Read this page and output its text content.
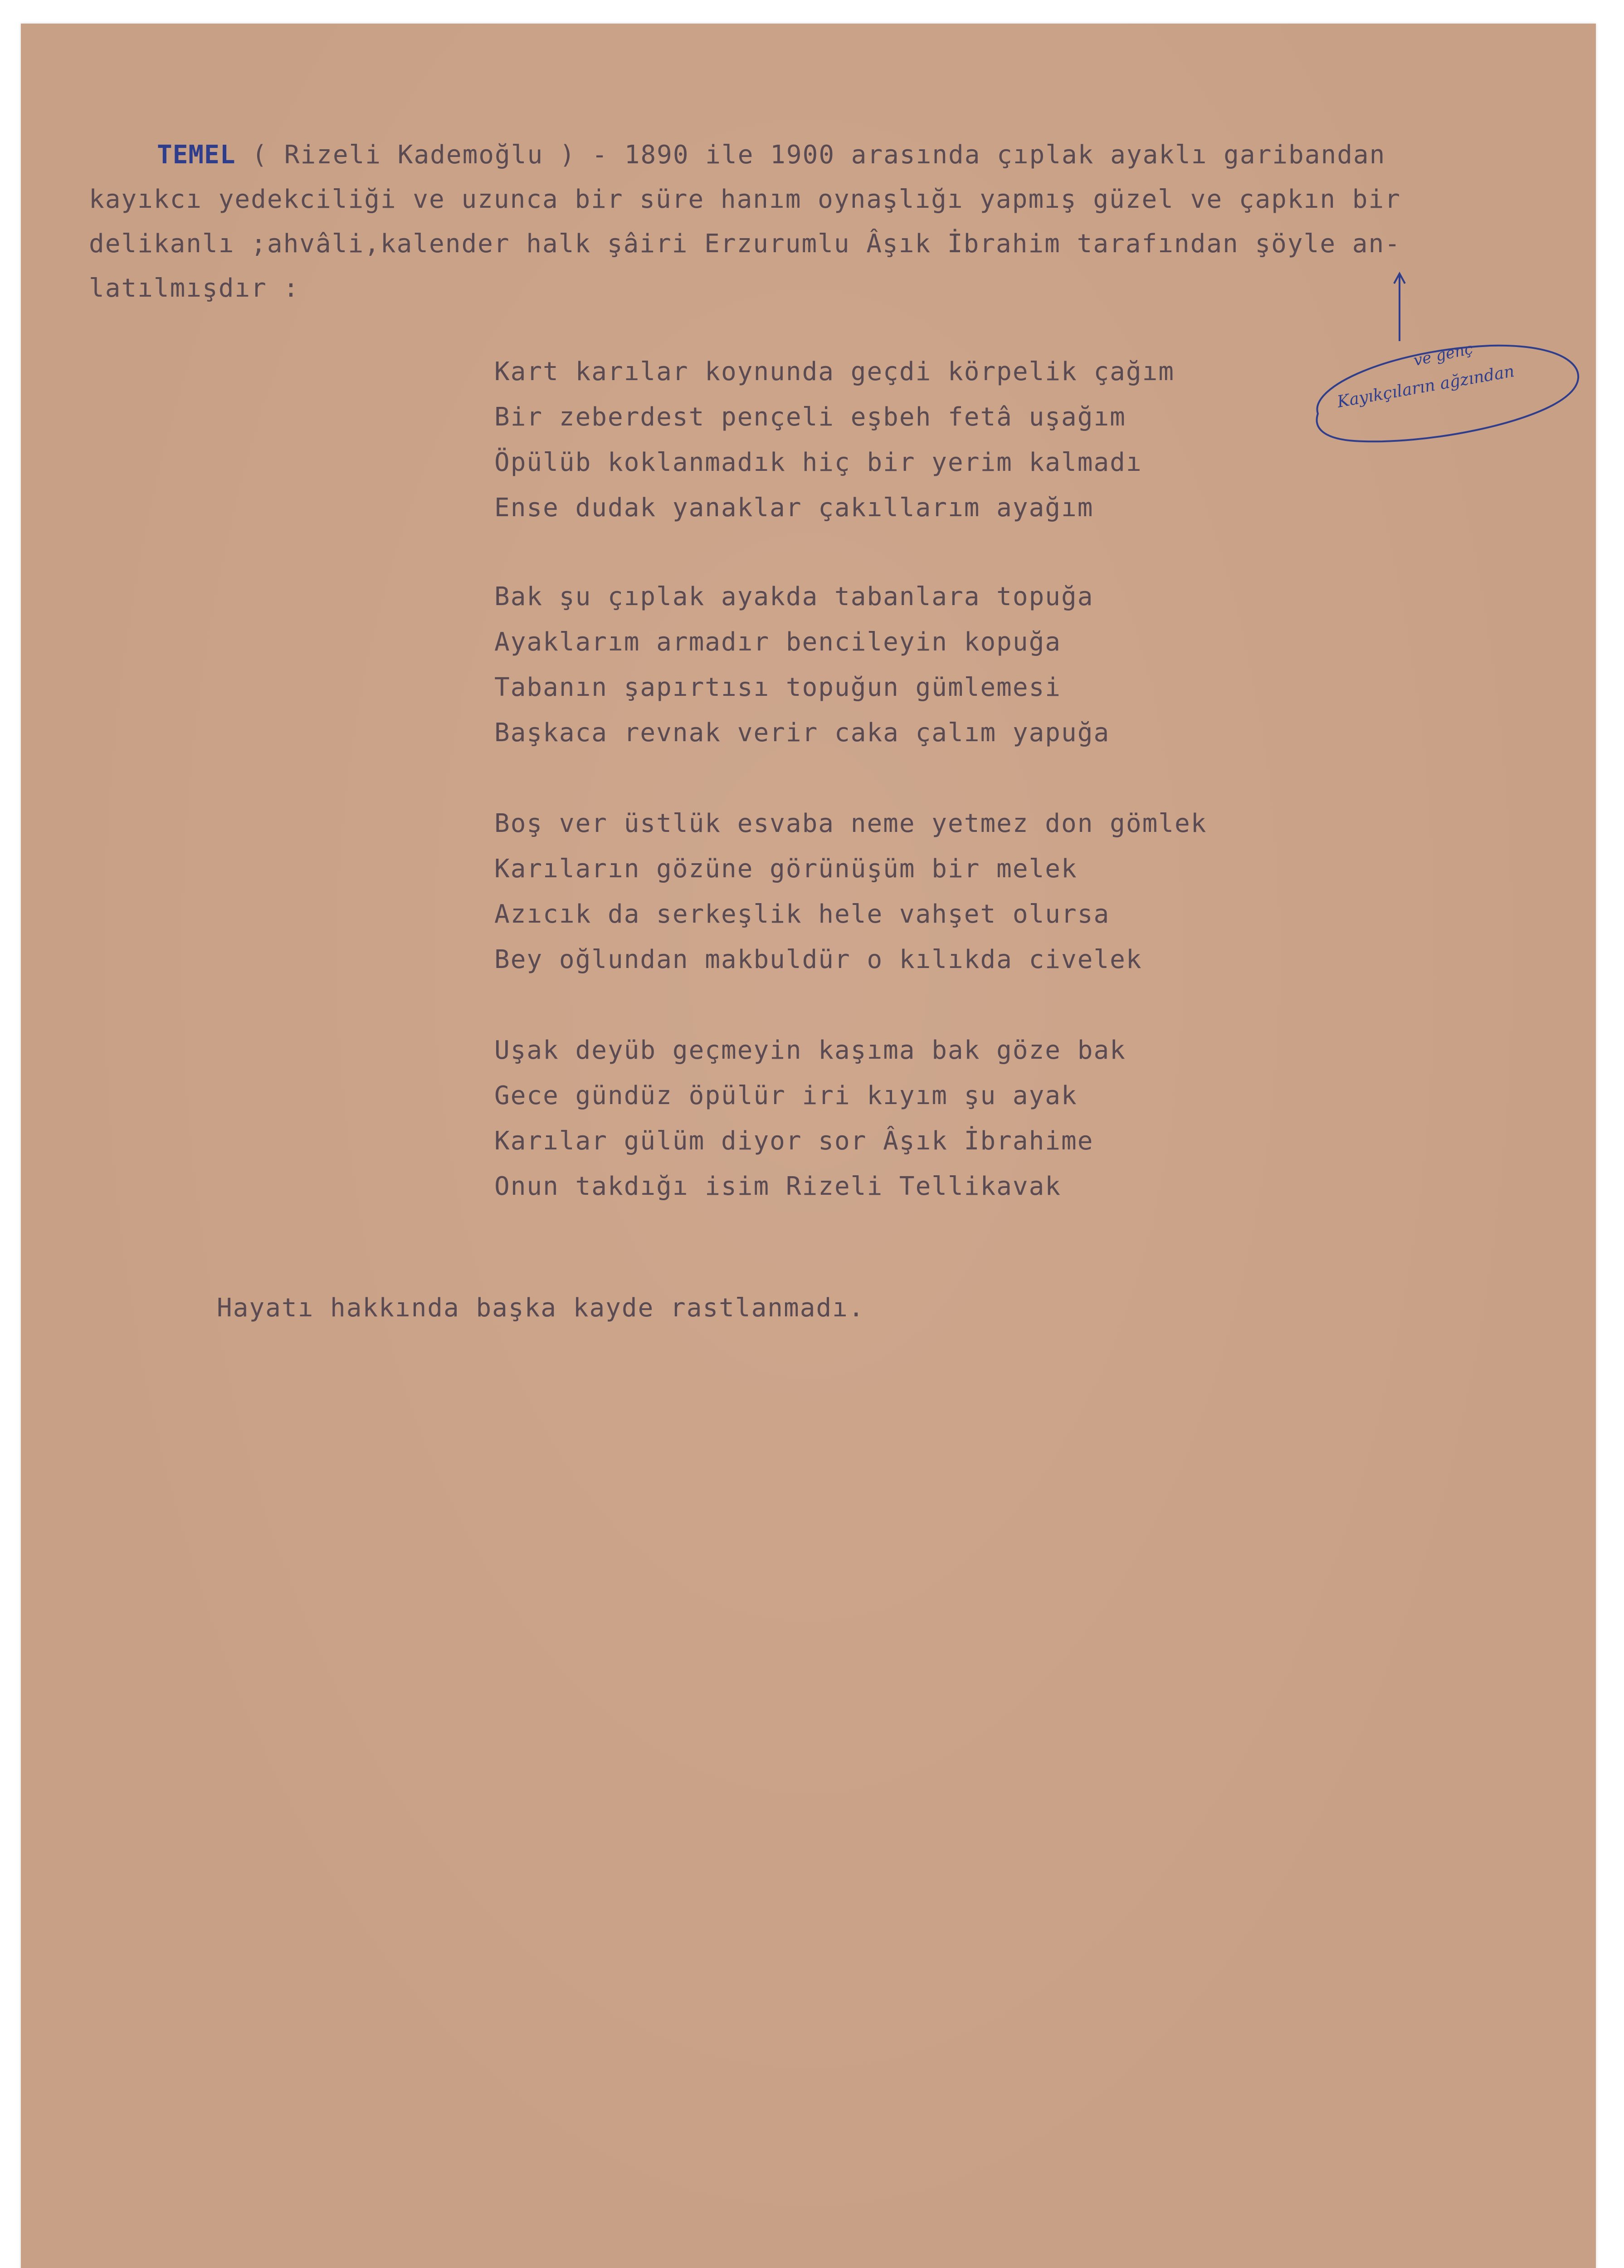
TEMEL ( Rizeli Kademoğlu ) - 1890 ile 1900 arasında çıplak ayaklı garibandan
kayıkcı yedekciliği ve uzunca bir süre hanım oynaşlığı yapmış güzel ve çapkın bir
delikanlı ;ahvâli,kalender halk şâiri Erzurumlu Âşık İbrahim tarafından şöyle an-
latılmışdır :
ve genç
Kayıkçıların ağzından
Kart karılar koynunda geçdi körpelik çağım
Bir zeberdest pençeli eşbeh fetâ uşağım
Öpülüb koklanmadık hiç bir yerim kalmadı
Ense dudak yanaklar çakıllarım ayağım
Bak şu çıplak ayakda tabanlara topuğa
Ayaklarım armadır bencileyin kopuğa
Tabanın şapırtısı topuğun gümlemesi
Başkaca revnak verir caka çalım yapuğa
Boş ver üstlük esvaba neme yetmez don gömlek
Karıların gözüne görünüşüm bir melek
Azıcık da serkeşlik hele vahşet olursa
Bey oğlundan makbuldür o kılıkda civelek
Uşak deyüb geçmeyin kaşıma bak göze bak
Gece gündüz öpülür iri kıyım şu ayak
Karılar gülüm diyor sor Âşık İbrahime
Onun takdığı isim Rizeli Tellikavak
Hayatı hakkında başka kayde rastlanmadı.
